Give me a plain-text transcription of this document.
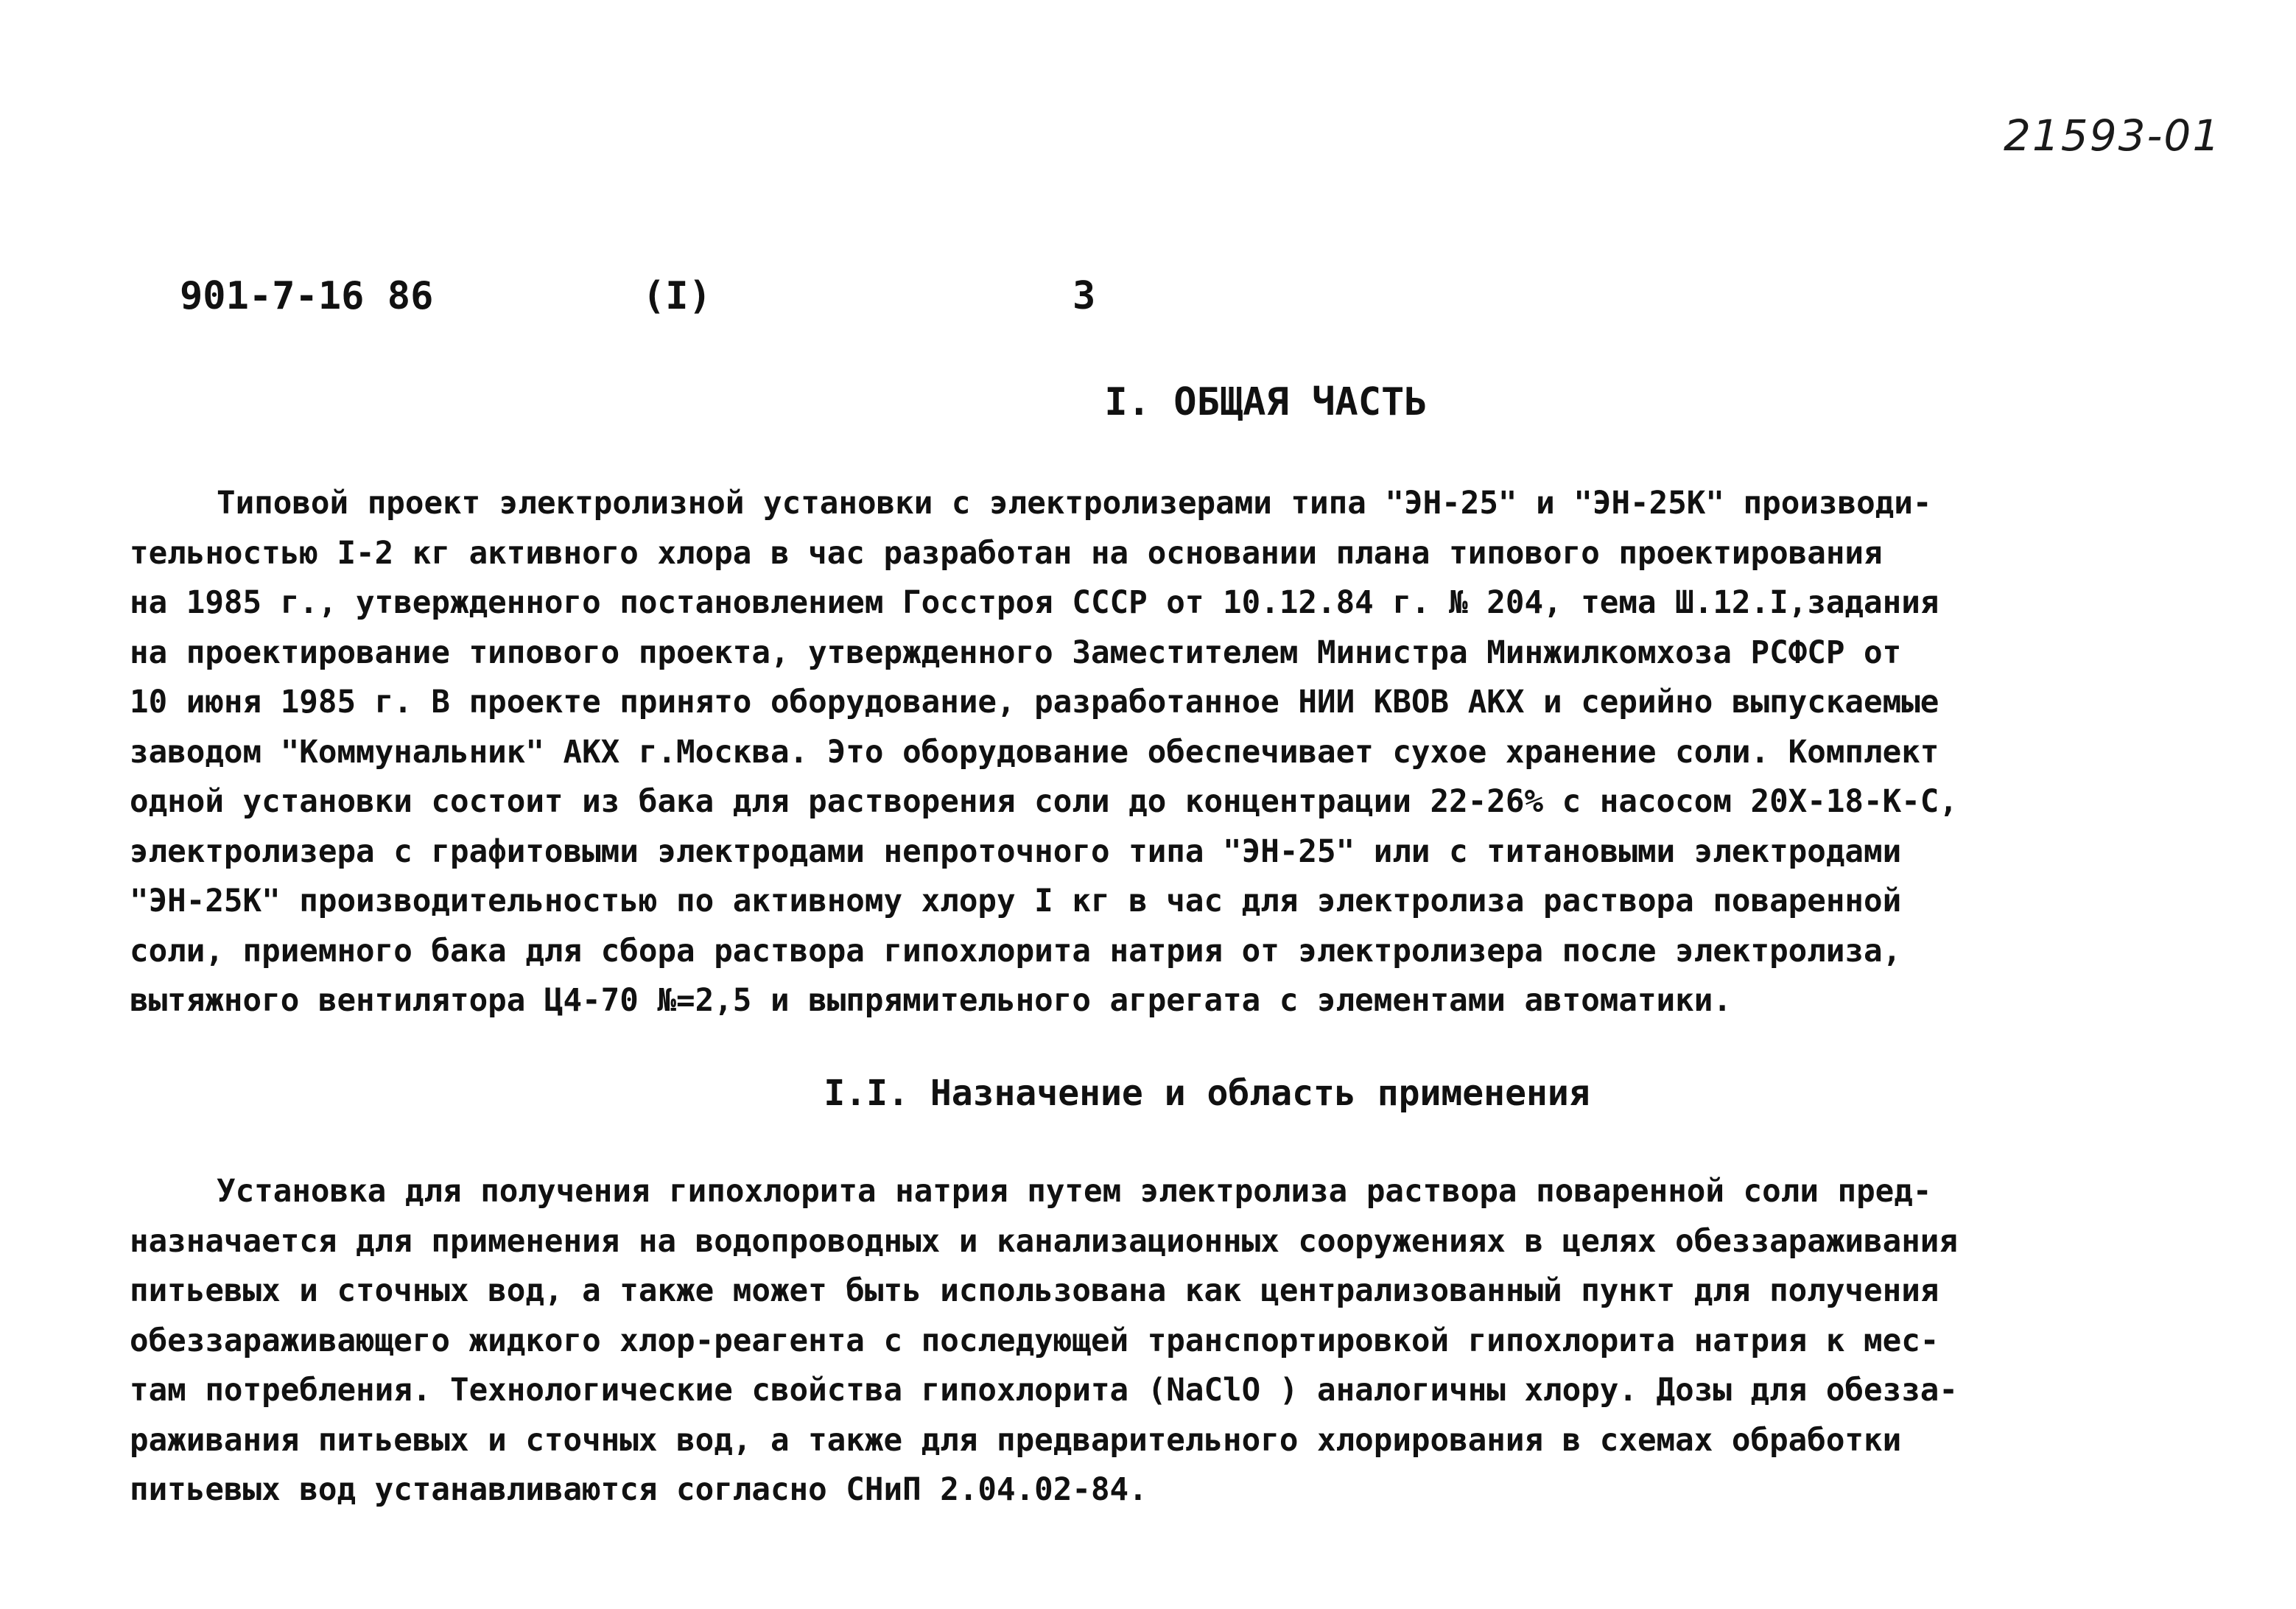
21593-01
901-7-16 86	(I)	3
I. ОБЩАЯ ЧАСТЬ
Типовой проект электролизной установки с электролизерами типа "ЭН-25" и "ЭН-25К" производи-
тельностью I-2 кг активного хлора в час разработан на основании плана типового проектирования
на 1985 г., утвержденного постановлением Госстроя СССР от 10.12.84 г. № 204, тема Ш.12.I,задания
на проектирование типового проекта, утвержденного Заместителем Министра Минжилкомхоза РСФСР от
10 июня 1985 г. В проекте принято оборудование, разработанное НИИ КВОВ АКХ и серийно выпускаемые
заводом "Коммунальник" АКХ г.Москва. Это оборудование обеспечивает сухое хранение соли. Комплект
одной установки состоит из бака для растворения соли до концентрации 22-26% с насосом 20Х-18-К-С,
электролизера с графитовыми электродами непроточного типа "ЭН-25" или с титановыми электродами
"ЭН-25К" производительностью по активному хлору I кг в час для электролиза раствора поваренной
соли, приемного бака для сбора раствора гипохлорита натрия от электролизера после электролиза,
вытяжного вентилятора Ц4-70 №=2,5 и выпрямительного агрегата с элементами автоматики.
I.I. Назначение и область применения
Установка для получения гипохлорита натрия путем электролиза раствора поваренной соли пред-
назначается для применения на водопроводных и канализационных сооружениях в целях обеззараживания
питьевых и сточных вод, а также может быть использована как централизованный пункт для получения
обеззараживающего жидкого хлор-реагента с последующей транспортировкой гипохлорита натрия к мес-
там потребления. Технологические свойства гипохлорита (NaClO ) аналогичны хлору. Дозы для обезза-
раживания питьевых и сточных вод, а также для предварительного хлорирования в схемах обработки
питьевых вод устанавливаются согласно СНиП 2.04.02-84.
